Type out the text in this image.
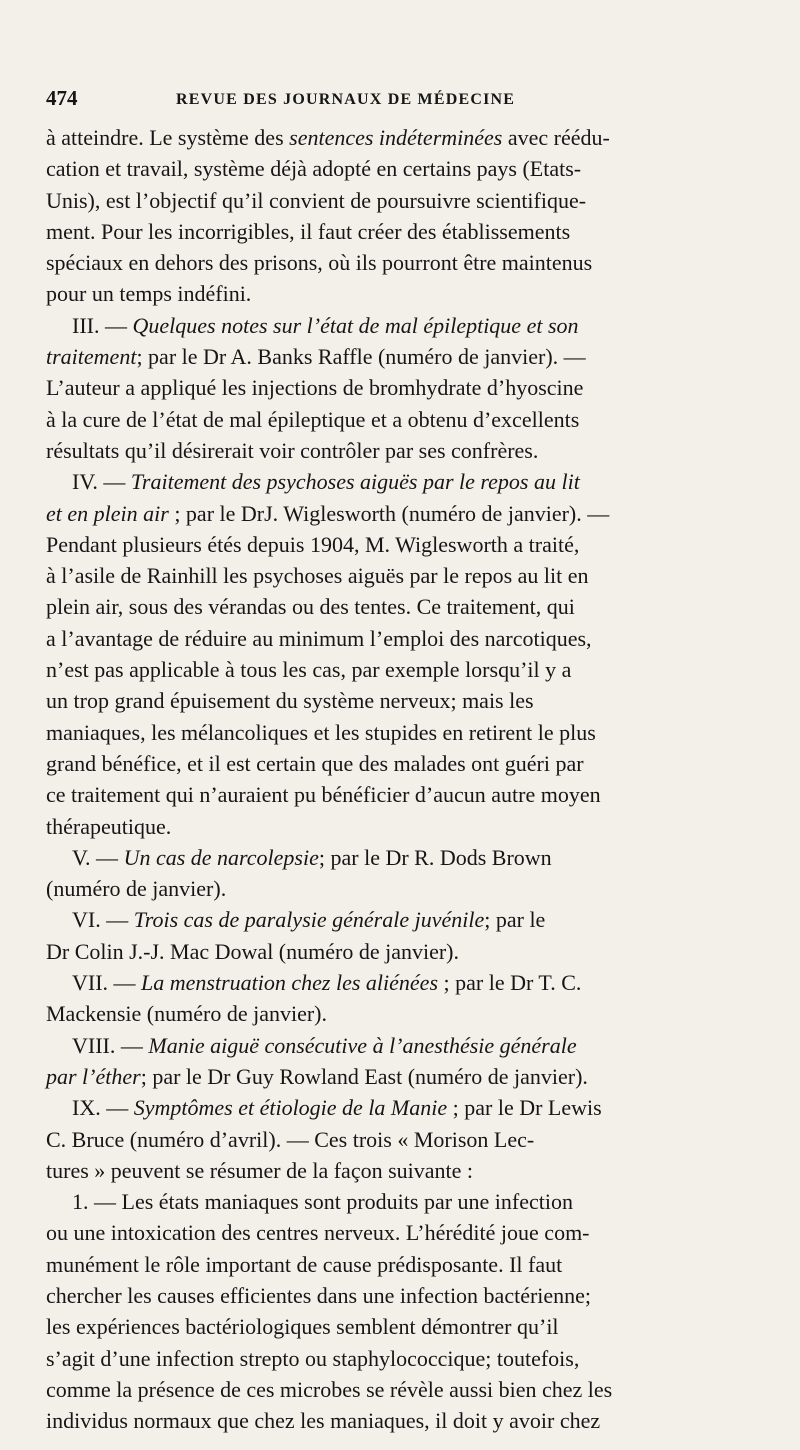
474	REVUE DES JOURNAUX DE MÉDECINE
à atteindre. Le système des sentences indéterminées avec réédu-
cation et travail, système déjà adopté en certains pays (Etats-
Unis), est l’objectif qu’il convient de poursuivre scientifique-
ment. Pour les incorrigibles, il faut créer des établissements
spéciaux en dehors des prisons, où ils pourront être maintenus
pour un temps indéfini.
III. — Quelques notes sur l’état de mal épileptique et son
traitement; par le Dr A. Banks Raffle (numéro de janvier). —
L’auteur a appliqué les injections de bromhydrate d’hyoscine
à la cure de l’état de mal épileptique et a obtenu d’excellents
résultats qu’il désirerait voir contrôler par ses confrères.
IV. — Traitement des psychoses aiguës par le repos au lit
et en plein air ; par le DrJ. Wiglesworth (numéro de janvier). —
Pendant plusieurs étés depuis 1904, M. Wiglesworth a traité,
à l’asile de Rainhill les psychoses aiguës par le repos au lit en
plein air, sous des vérandas ou des tentes. Ce traitement, qui
a l’avantage de réduire au minimum l’emploi des narcotiques,
n’est pas applicable à tous les cas, par exemple lorsqu’il y a
un trop grand épuisement du système nerveux; mais les
maniaques, les mélancoliques et les stupides en retirent le plus
grand bénéfice, et il est certain que des malades ont guéri par
ce traitement qui n’auraient pu bénéficier d’aucun autre moyen
thérapeutique.
V. — Un cas de narcolepsie; par le Dr R. Dods Brown
(numéro de janvier).
VI. — Trois cas de paralysie générale juvénile; par le
Dr Colin J.-J. Mac Dowal (numéro de janvier).
VII. — La menstruation chez les aliénées ; par le Dr T. C.
Mackensie (numéro de janvier).
VIII. — Manie aiguë consécutive à l’anesthésie générale
par l’éther; par le Dr Guy Rowland East (numéro de janvier).
IX. — Symptômes et étiologie de la Manie ; par le Dr Lewis
C. Bruce (numéro d’avril). — Ces trois « Morison Lec-
tures » peuvent se résumer de la façon suivante :
1. — Les états maniaques sont produits par une infection
ou une intoxication des centres nerveux. L’hérédité joue com-
munément le rôle important de cause prédisposante. Il faut
chercher les causes efficientes dans une infection bactérienne;
les expériences bactériologiques semblent démontrer qu’il
s’agit d’une infection strepto ou staphylococcique; toutefois,
comme la présence de ces microbes se révèle aussi bien chez les
individus normaux que chez les maniaques, il doit y avoir chez
